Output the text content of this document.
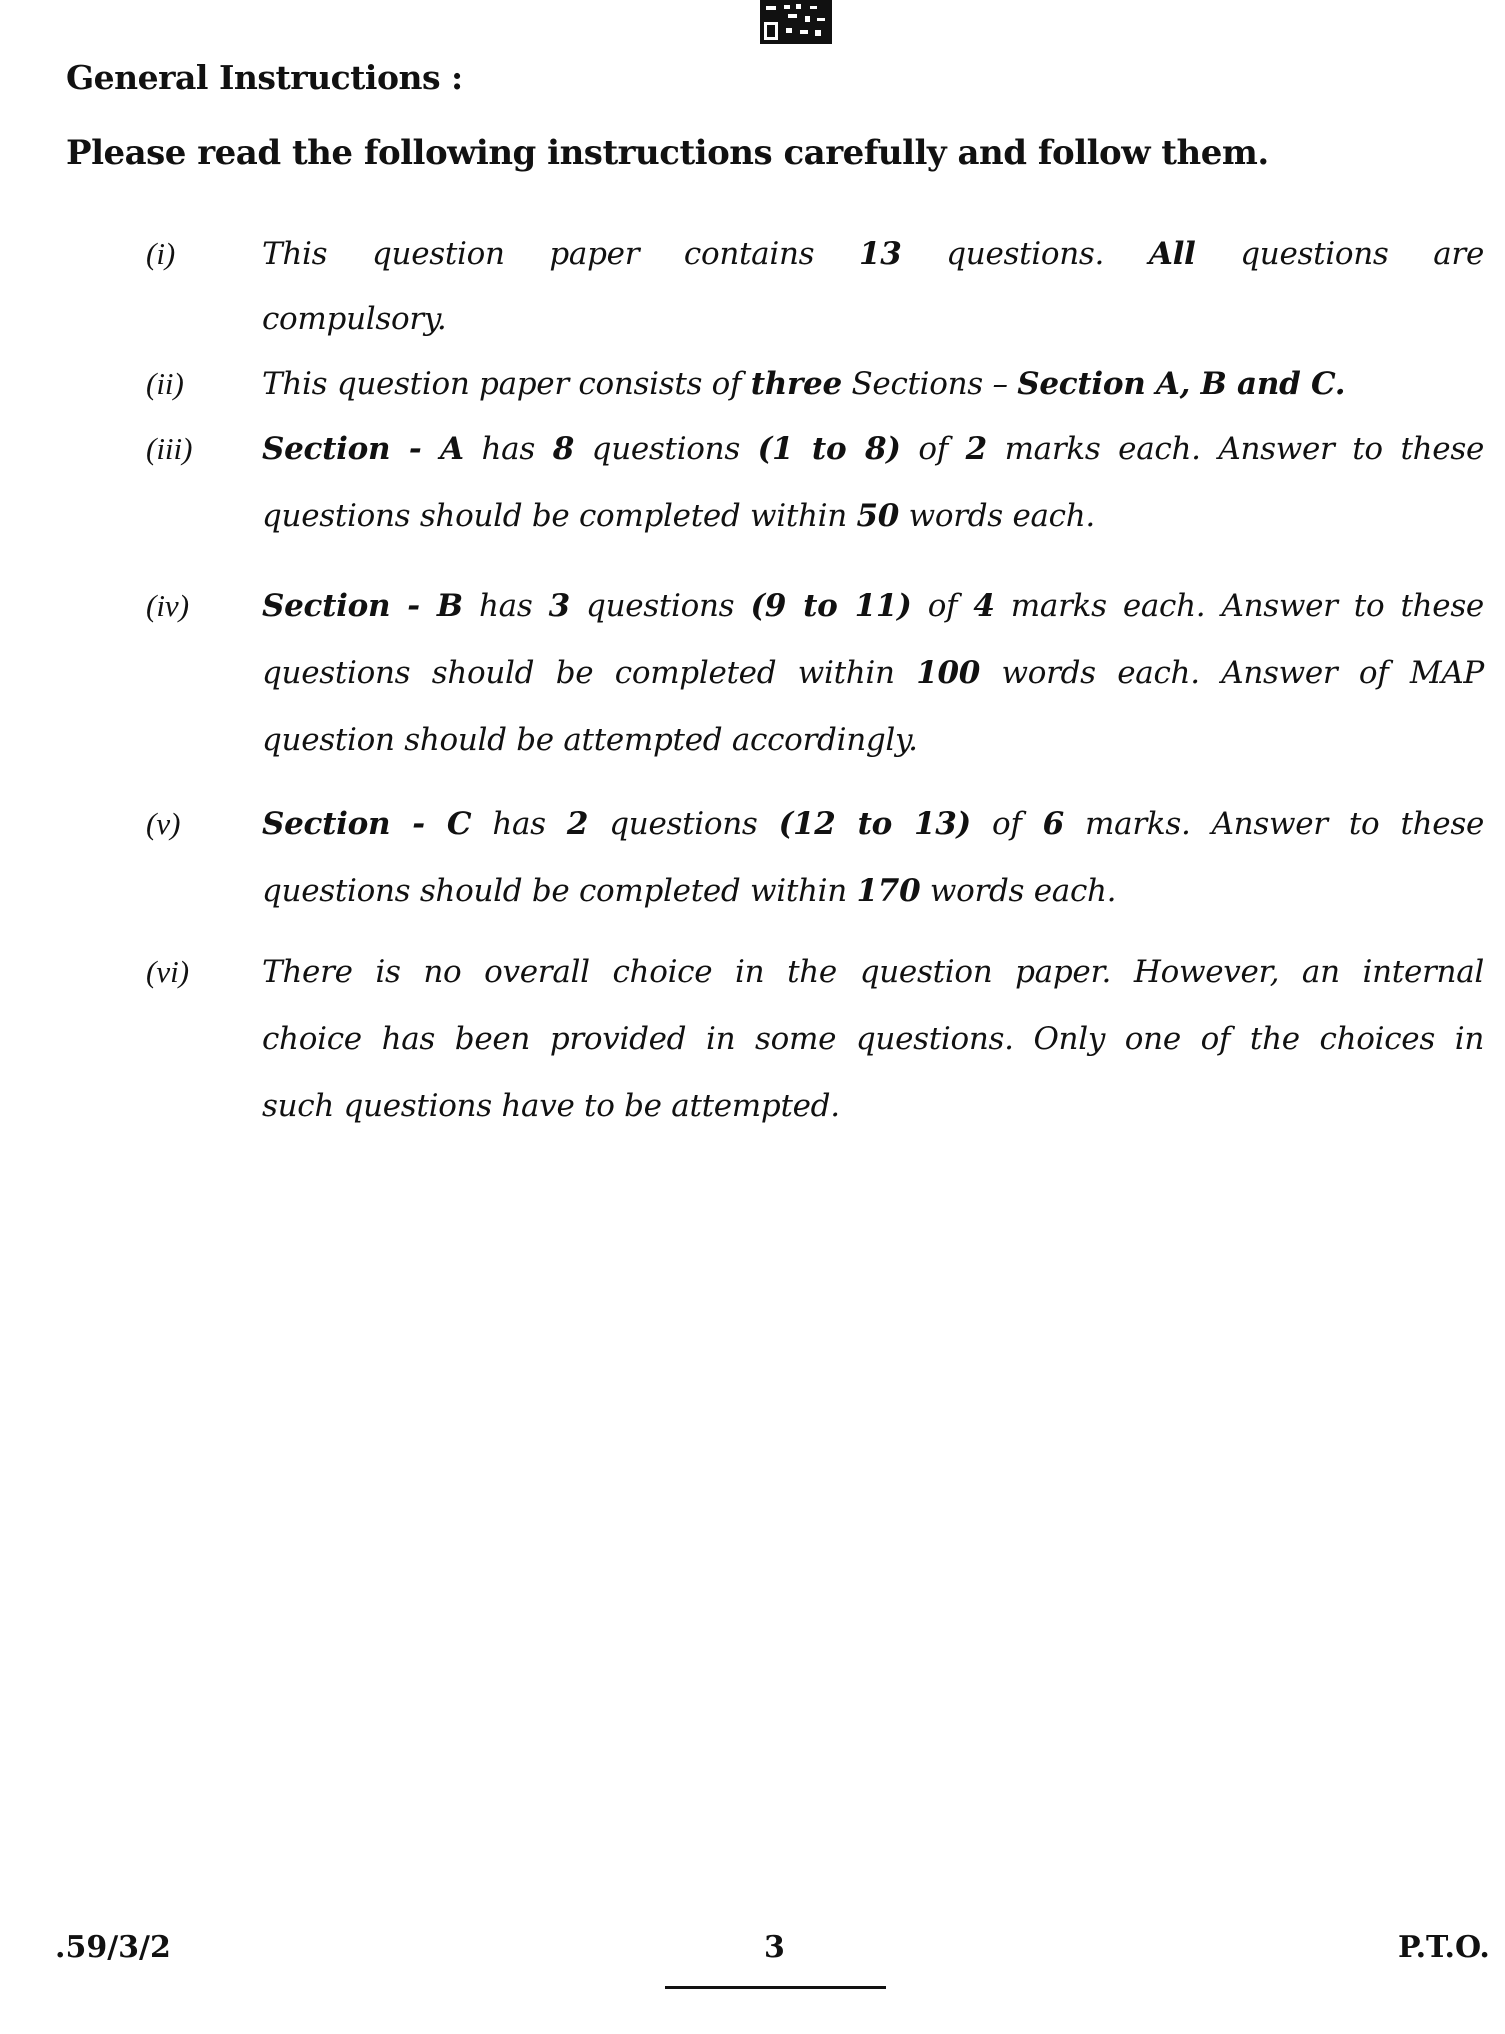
General Instructions :
Please read the following instructions carefully and follow them.
(i)	This question paper contains 13 questions. All questions are
compulsory.
(ii)	This question paper consists of three Sections – Section A, B and C.
(iii) Section - A has 8 questions (1 to 8) of 2 marks each. Answer to these
questions should be completed within 50 words each.
(iv) Section - B has 3 questions (9 to 11) of 4 marks each. Answer to these
questions should be completed within 100 words each. Answer of MAP
question should be attempted accordingly.
(v)	Section - C has 2 questions (12 to 13) of 6 marks. Answer to these
questions should be completed within 170 words each.
(vi) There is no overall choice in the question paper. However, an internal
choice has been provided in some questions. Only one of the choices in
such questions have to be attempted.
.59/3/2	3	P.T.O.
